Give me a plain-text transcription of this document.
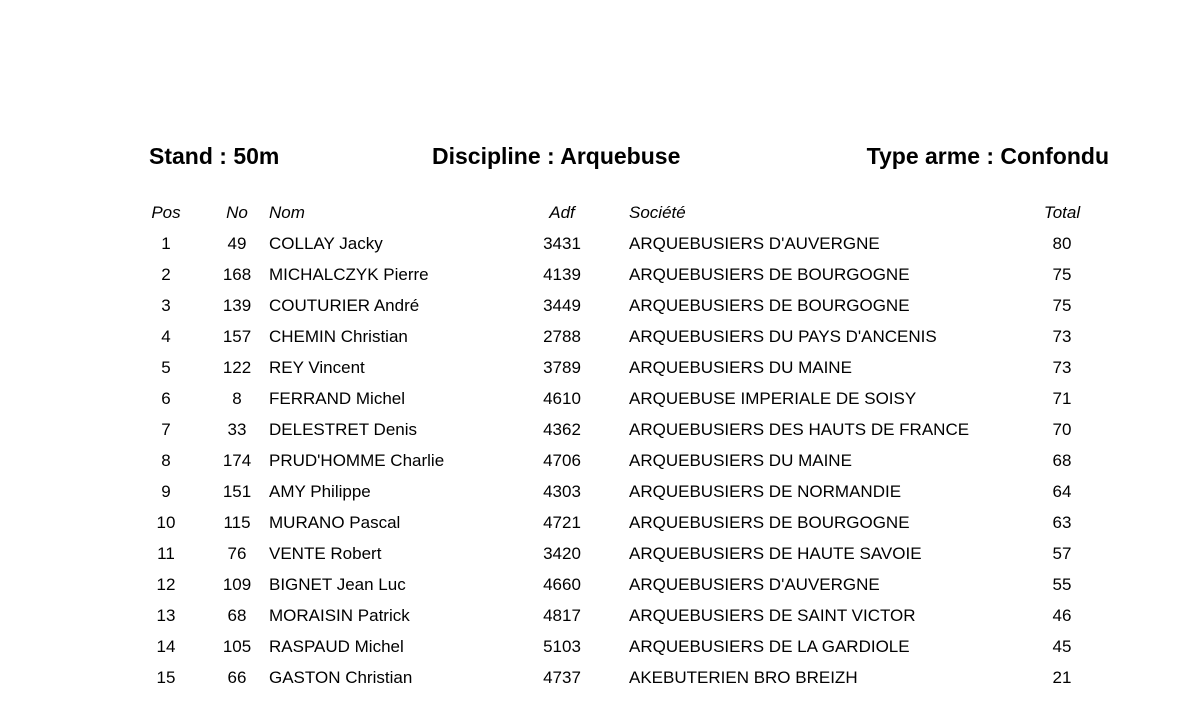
Stand : 50m	Discipline : Arquebuse	Type arme : Confondu
Pos	No	Nom	Adf	Société	Total
1	49	COLLAY Jacky	3431	ARQUEBUSIERS D'AUVERGNE	80
2	168	MICHALCZYK Pierre	4139	ARQUEBUSIERS DE BOURGOGNE	75
3	139	COUTURIER André	3449	ARQUEBUSIERS DE BOURGOGNE	75
4	157	CHEMIN Christian	2788	ARQUEBUSIERS DU PAYS D'ANCENIS	73
5	122	REY Vincent	3789	ARQUEBUSIERS DU MAINE	73
6	8	FERRAND Michel	4610	ARQUEBUSE IMPERIALE DE SOISY	71
7	33	DELESTRET Denis	4362	ARQUEBUSIERS DES HAUTS DE FRANCE	70
8	174	PRUD'HOMME Charlie	4706	ARQUEBUSIERS DU MAINE	68
9	151	AMY Philippe	4303	ARQUEBUSIERS DE NORMANDIE	64
10	115	MURANO Pascal	4721	ARQUEBUSIERS DE BOURGOGNE	63
11	76	VENTE Robert	3420	ARQUEBUSIERS DE HAUTE SAVOIE	57
12	109	BIGNET Jean Luc	4660	ARQUEBUSIERS D'AUVERGNE	55
13	68	MORAISIN Patrick	4817	ARQUEBUSIERS DE SAINT VICTOR	46
14	105	RASPAUD Michel	5103	ARQUEBUSIERS DE LA GARDIOLE	45
15	66	GASTON Christian	4737	AKEBUTERIEN BRO BREIZH	21
